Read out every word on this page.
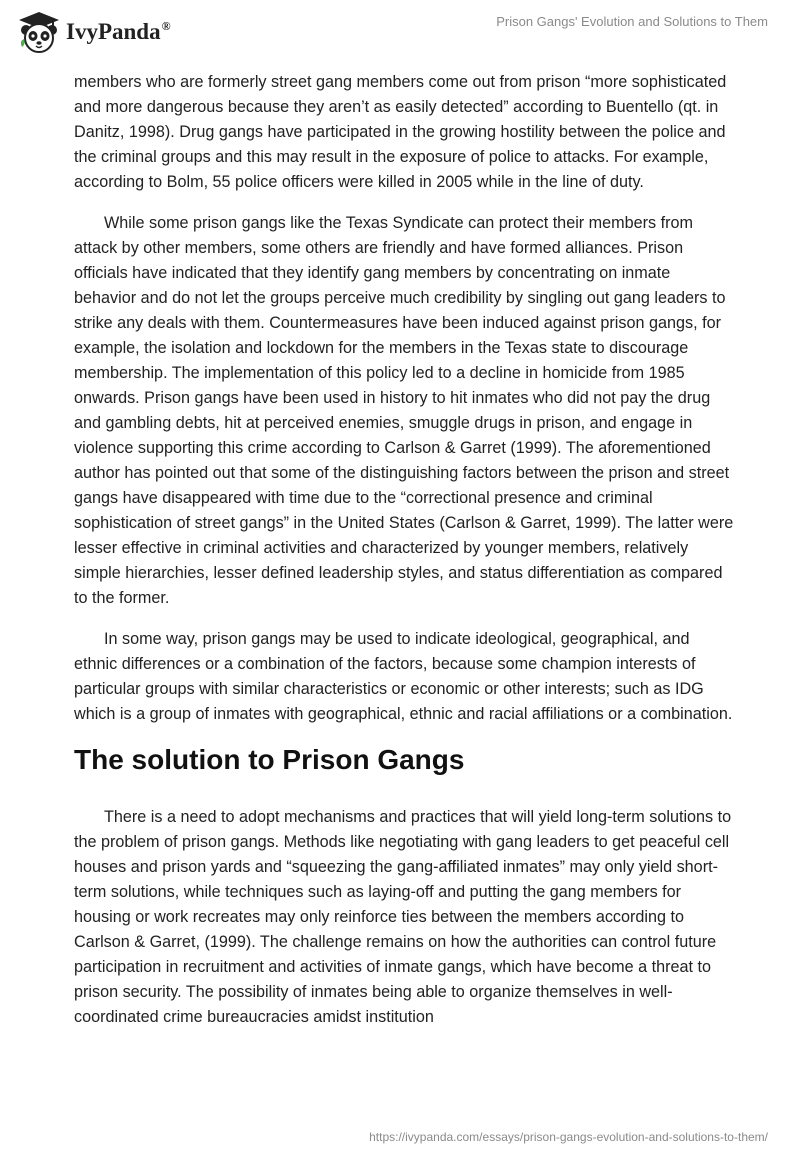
IvyPanda®	Prison Gangs' Evolution and Solutions to Them

members who are formerly street gang members come out from prison “more sophisticated and more dangerous because they aren’t as easily detected” according to Buentello (qt. in Danitz, 1998). Drug gangs have participated in the growing hostility between the police and the criminal groups and this may result in the exposure of police to attacks. For example, according to Bolm, 55 police officers were killed in 2005 while in the line of duty.

While some prison gangs like the Texas Syndicate can protect their members from attack by other members, some others are friendly and have formed alliances. Prison officials have indicated that they identify gang members by concentrating on inmate behavior and do not let the groups perceive much credibility by singling out gang leaders to strike any deals with them. Countermeasures have been induced against prison gangs, for example, the isolation and lockdown for the members in the Texas state to discourage membership. The implementation of this policy led to a decline in homicide from 1985 onwards. Prison gangs have been used in history to hit inmates who did not pay the drug and gambling debts, hit at perceived enemies, smuggle drugs in prison, and engage in violence supporting this crime according to Carlson & Garret (1999). The aforementioned author has pointed out that some of the distinguishing factors between the prison and street gangs have disappeared with time due to the “correctional presence and criminal sophistication of street gangs” in the United States (Carlson & Garret, 1999). The latter were lesser effective in criminal activities and characterized by younger members, relatively simple hierarchies, lesser defined leadership styles, and status differentiation as compared to the former.

In some way, prison gangs may be used to indicate ideological, geographical, and ethnic differences or a combination of the factors, because some champion interests of particular groups with similar characteristics or economic or other interests; such as IDG which is a group of inmates with geographical, ethnic and racial affiliations or a combination.

The solution to Prison Gangs

There is a need to adopt mechanisms and practices that will yield long-term solutions to the problem of prison gangs. Methods like negotiating with gang leaders to get peaceful cell houses and prison yards and “squeezing the gang-affiliated inmates” may only yield short-term solutions, while techniques such as laying-off and putting the gang members for housing or work recreates may only reinforce ties between the members according to Carlson & Garret, (1999). The challenge remains on how the authorities can control future participation in recruitment and activities of inmate gangs, which have become a threat to prison security. The possibility of inmates being able to organize themselves in well-coordinated crime bureaucracies amidst institution

https://ivypanda.com/essays/prison-gangs-evolution-and-solutions-to-them/
